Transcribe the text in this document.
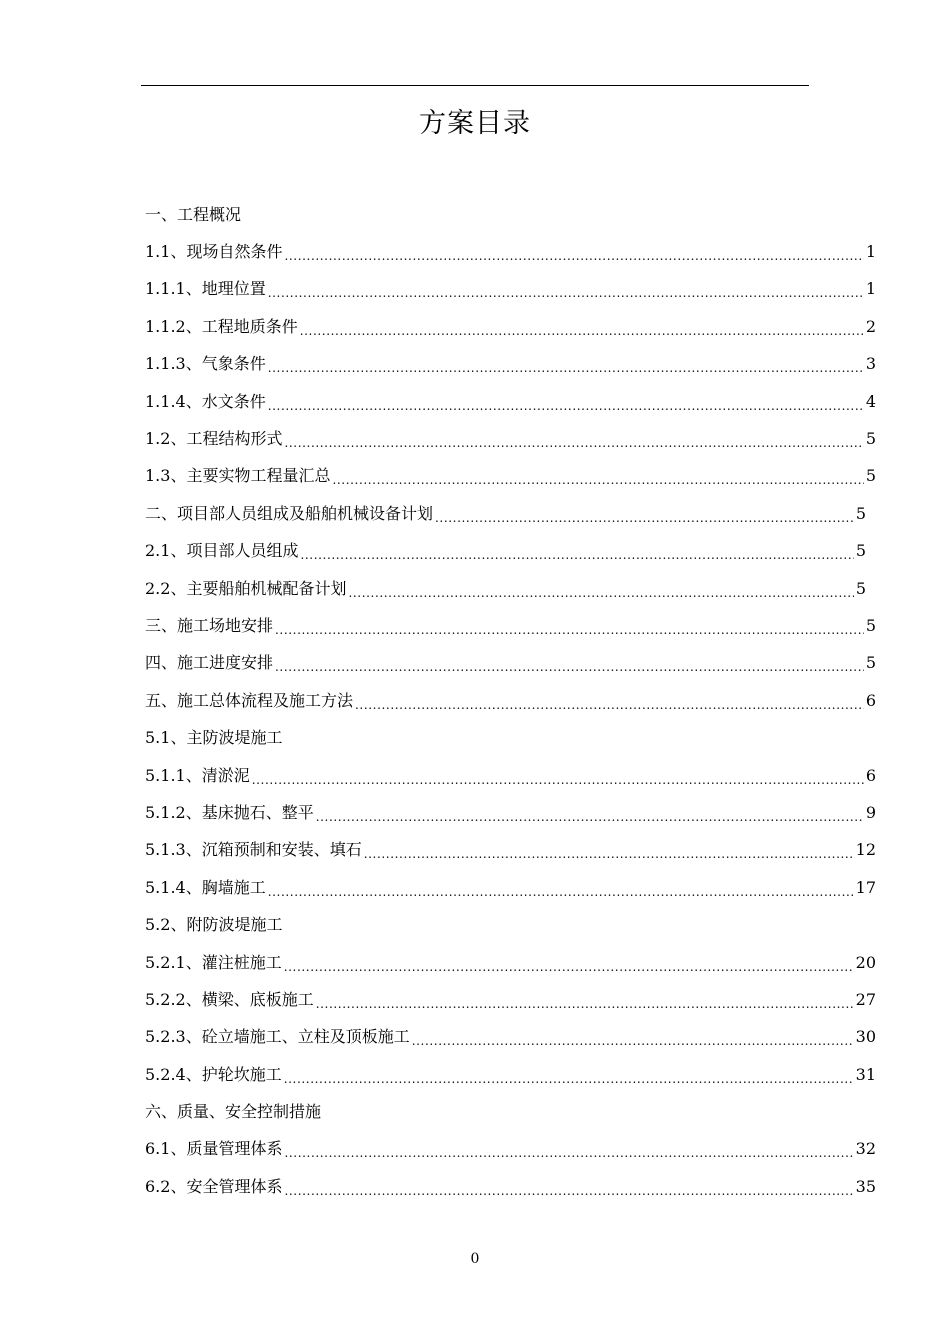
方案目录
一、工程概况
1.1、现场自然条件 .....	1
1.1.1、地理位置 .....	1
1.1.2、工程地质条件 .....	2
1.1.3、气象条件 .....	3
1.1.4、水文条件 .....	4
1.2、工程结构形式 .....	5
1.3、主要实物工程量汇总 .....	5
二、项目部人员组成及船舶机械设备计划 .....	5
2.1、项目部人员组成 .....	5
2.2、主要船舶机械配备计划 .....	5
三、施工场地安排 .....	5
四、施工进度安排 .....	5
五、施工总体流程及施工方法 .....	6
5.1、主防波堤施工
5.1.1、清淤泥 .....	6
5.1.2、基床抛石、整平 .....	9
5.1.3、沉箱预制和安装、填石 .....	12
5.1.4、胸墙施工 .....	17
5.2、附防波堤施工
5.2.1、灌注桩施工 .....	20
5.2.2、横梁、底板施工 .....	27
5.2.3、砼立墙施工、立柱及顶板施工 .....	30
5.2.4、护轮坎施工 .....	31
六、质量、安全控制措施
6.1、质量管理体系 .....	32
6.2、安全管理体系 .....	35
0
